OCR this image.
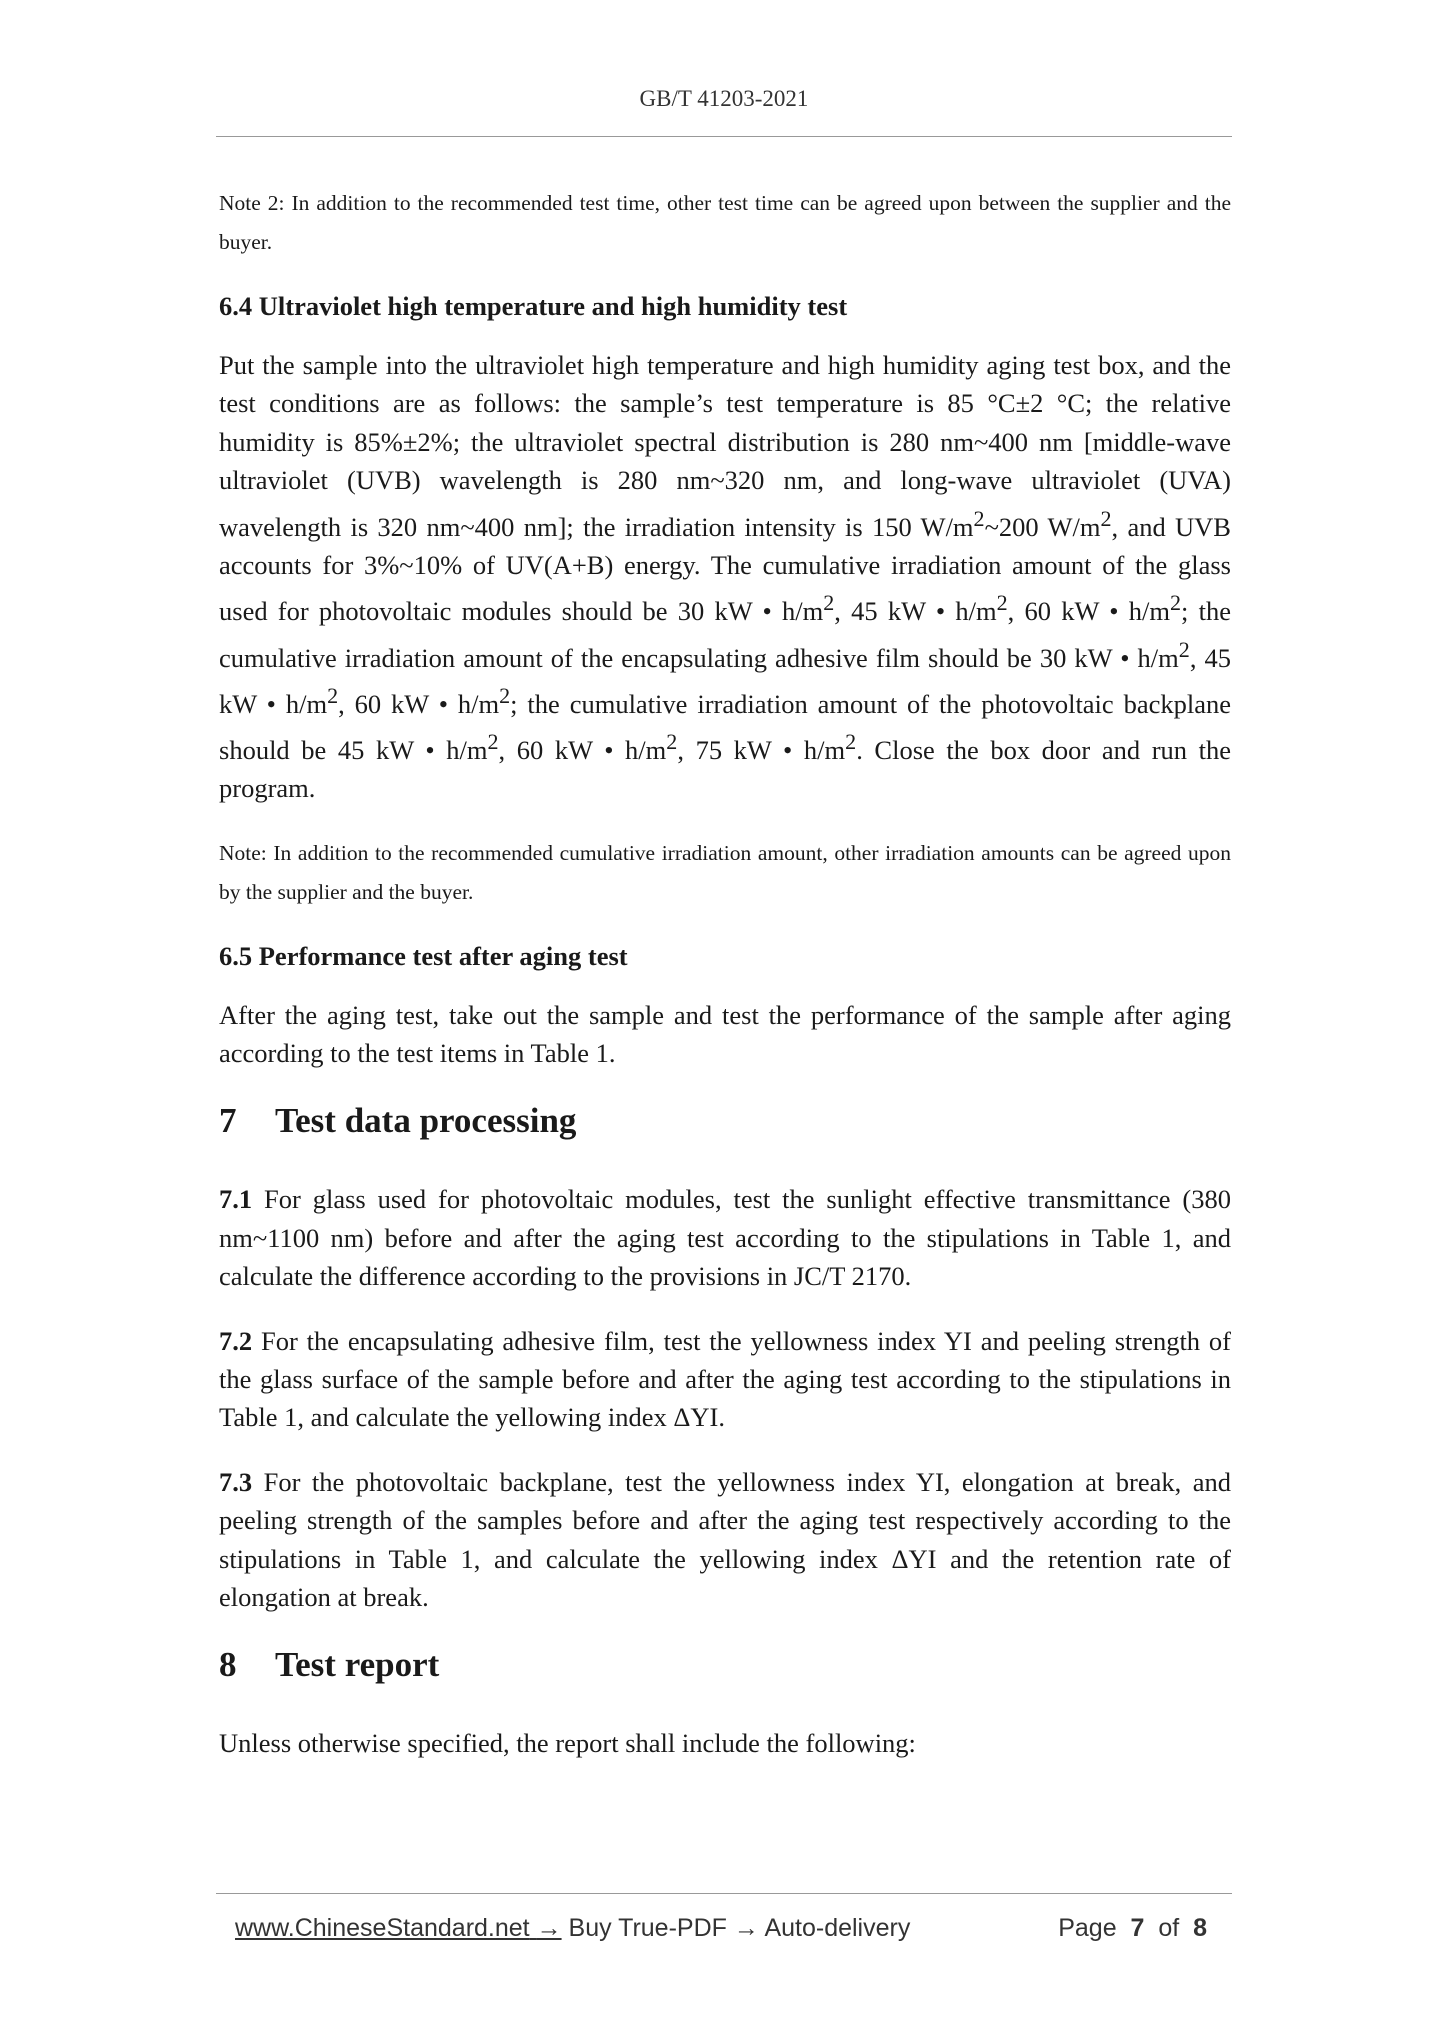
GB/T 41203-2021

Note 2: In addition to the recommended test time, other test time can be agreed upon between the supplier and the buyer.

6.4 Ultraviolet high temperature and high humidity test

Put the sample into the ultraviolet high temperature and high humidity aging test box, and the test conditions are as follows: the sample’s test temperature is 85 °C±2 °C; the relative humidity is 85%±2%; the ultraviolet spectral distribution is 280 nm~400 nm [middle-wave ultraviolet (UVB) wavelength is 280 nm~320 nm, and long-wave ultraviolet (UVA) wavelength is 320 nm~400 nm]; the irradiation intensity is 150 $W/m^2\sim 200$ $W/m^2$, and UVB accounts for 3%~10% of UV(A+B) energy. The cumulative irradiation amount of the glass used for photovoltaic modules should be 30 kW • $h/m^2$, 45 kW • $h/m^2$, 60 kW • $h/m^2$; the cumulative irradiation amount of the encapsulating adhesive film should be 30 kW • $h/m^2$, 45 kW • $h/m^2$, 60 kW • $h/m^2$; the cumulative irradiation amount of the photovoltaic backplane should be 45 kW • $h/m^2$, 60 kW • $h/m^2$, 75 kW • $h/m^2$. Close the box door and run the program.

Note: In addition to the recommended cumulative irradiation amount, other irradiation amounts can be agreed upon by the supplier and the buyer.

6.5 Performance test after aging test

After the aging test, take out the sample and test the performance of the sample after aging according to the test items in Table 1.

7 Test data processing

7.1 For glass used for photovoltaic modules, test the sunlight effective transmittance (380 nm~1100 nm) before and after the aging test according to the stipulations in Table 1, and calculate the difference according to the provisions in JC/T 2170.

7.2 For the encapsulating adhesive film, test the yellowness index YI and peeling strength of the glass surface of the sample before and after the aging test according to the stipulations in Table 1, and calculate the yellowing index ΔYI.

7.3 For the photovoltaic backplane, test the yellowness index YI, elongation at break, and peeling strength of the samples before and after the aging test respectively according to the stipulations in Table 1, and calculate the yellowing index ΔYI and the retention rate of elongation at break.

8 Test report

Unless otherwise specified, the report shall include the following:

www.ChineseStandard.net → Buy True-PDF → Auto-delivery	Page 7 of 8
